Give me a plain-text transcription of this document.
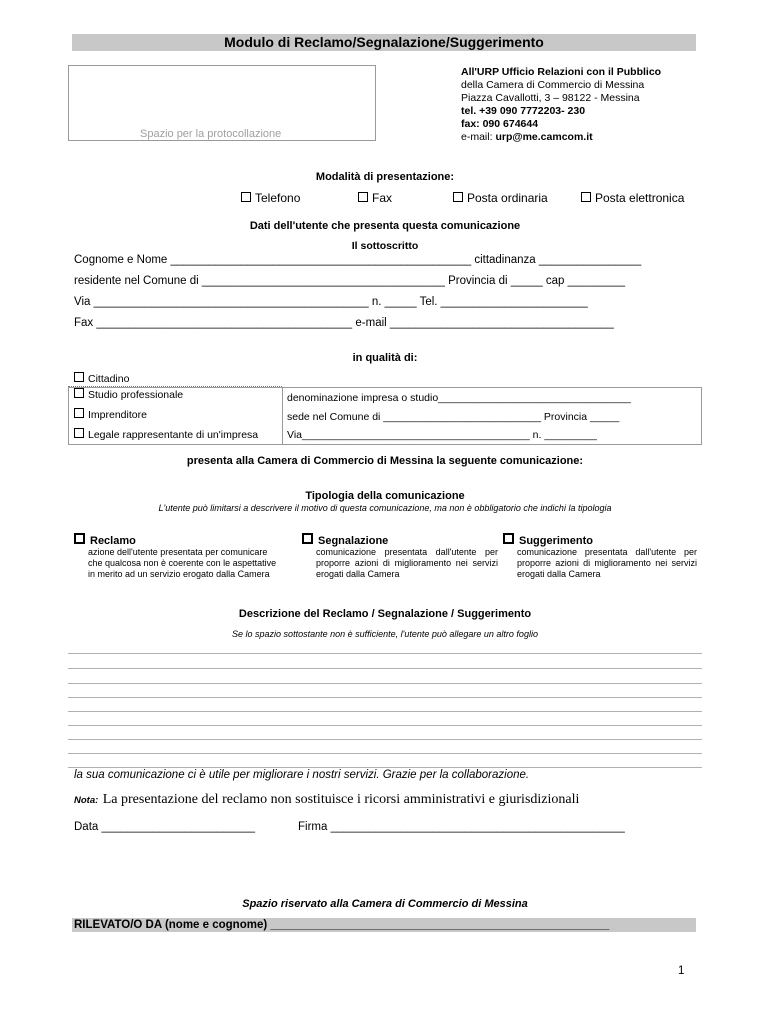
Modulo di Reclamo/Segnalazione/Suggerimento
Spazio per la protocollazione
All'URP Ufficio Relazioni con il Pubblico
della Camera di Commercio di Messina
Piazza Cavallotti, 3 – 98122 - Messina
tel. +39 090 7772203- 230
fax: 090 674644
e-mail: urp@me.camcom.it
Modalità di presentazione:
Telefono	Fax	Posta ordinaria	Posta elettronica
Dati dell'utente che presenta questa comunicazione
Il sottoscritto
Cognome e Nome _______________________________________________ cittadinanza ________________
residente nel Comune di ______________________________________ Provincia di _____ cap _________
Via ___________________________________________ n. _____ Tel. _______________________
Fax ________________________________________ e-mail ___________________________________
in qualità di:
Cittadino
Studio professionale
Imprenditore
Legale rappresentante di un'impresa
denominazione impresa o studio_________________________________
sede nel Comune di ___________________________ Provincia _____
Via_______________________________________ n. _________
presenta alla Camera di Commercio di Messina la seguente comunicazione:
Tipologia della comunicazione
L'utente può limitarsi a descrivere il motivo di questa comunicazione, ma non è obbligatorio che indichi la tipologia
Reclamo
azione dell'utente presentata per comunicare che qualcosa non è coerente con le aspettative in merito ad un servizio erogato dalla Camera
Segnalazione
comunicazione presentata dall'utente per proporre azioni di miglioramento nei servizi erogati dalla Camera
Suggerimento
comunicazione presentata dall'utente per proporre azioni di miglioramento nei servizi erogati dalla Camera
Descrizione del Reclamo / Segnalazione / Suggerimento
Se lo spazio sottostante non è sufficiente, l'utente può allegare un altro foglio
la sua comunicazione ci è utile per migliorare i nostri servizi. Grazie per la collaborazione.
Nota: La presentazione del reclamo non sostituisce i ricorsi amministrativi e giurisdizionali
Data ________________________	Firma ______________________________________________
Spazio riservato alla Camera di Commercio di Messina
RILEVATO/O DA (nome e cognome) _____________________________________________________
1
